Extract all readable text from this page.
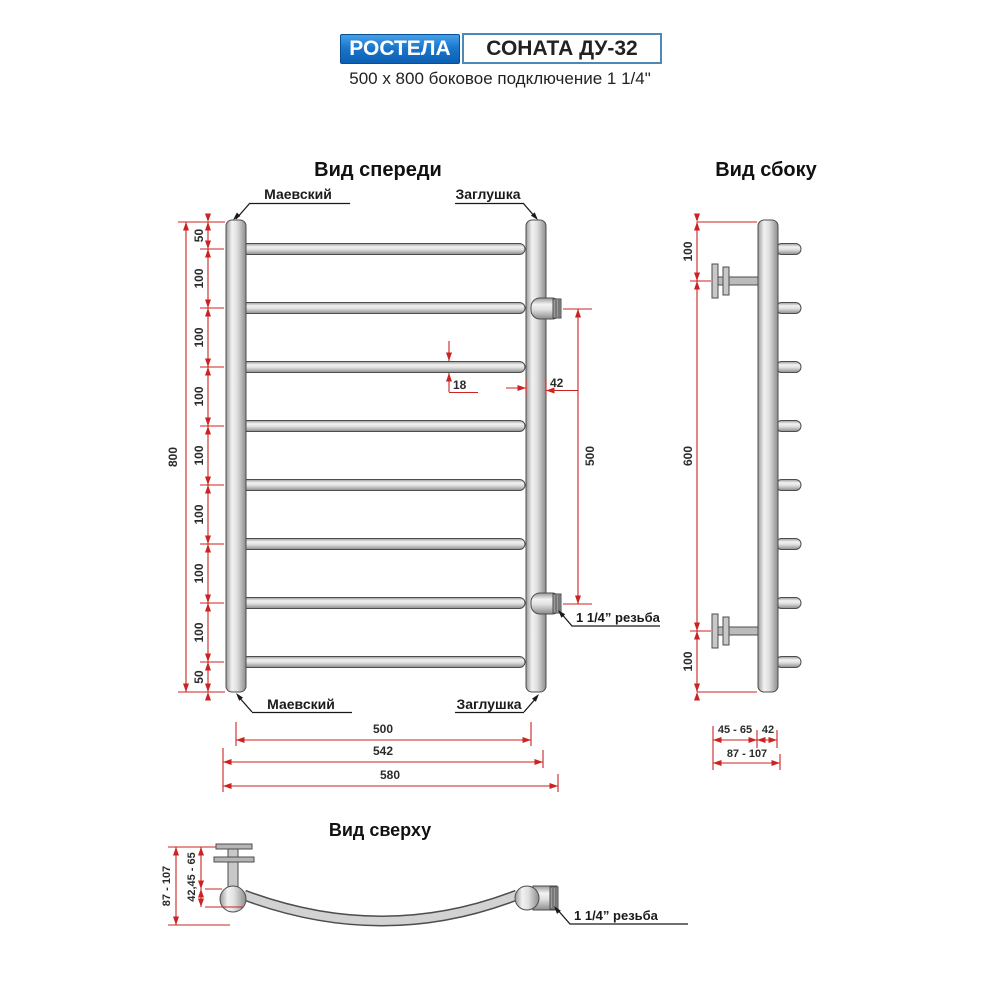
РОСТЕЛА	СОНАТА ДУ-32
500 x 800 боковое подключение 1 1/4"
Вид спереди
Маевский	Заглушка
Маевский	Заглушка
1 1/4” резьба
800
50
100
100
100
100
100
100
100
50
18	42
500
500
542
580
Вид сбоку
100
600
100
45 - 65 42
87 - 107
Вид сверху
1 1/4” резьба
87 - 107 42,45 - 65
